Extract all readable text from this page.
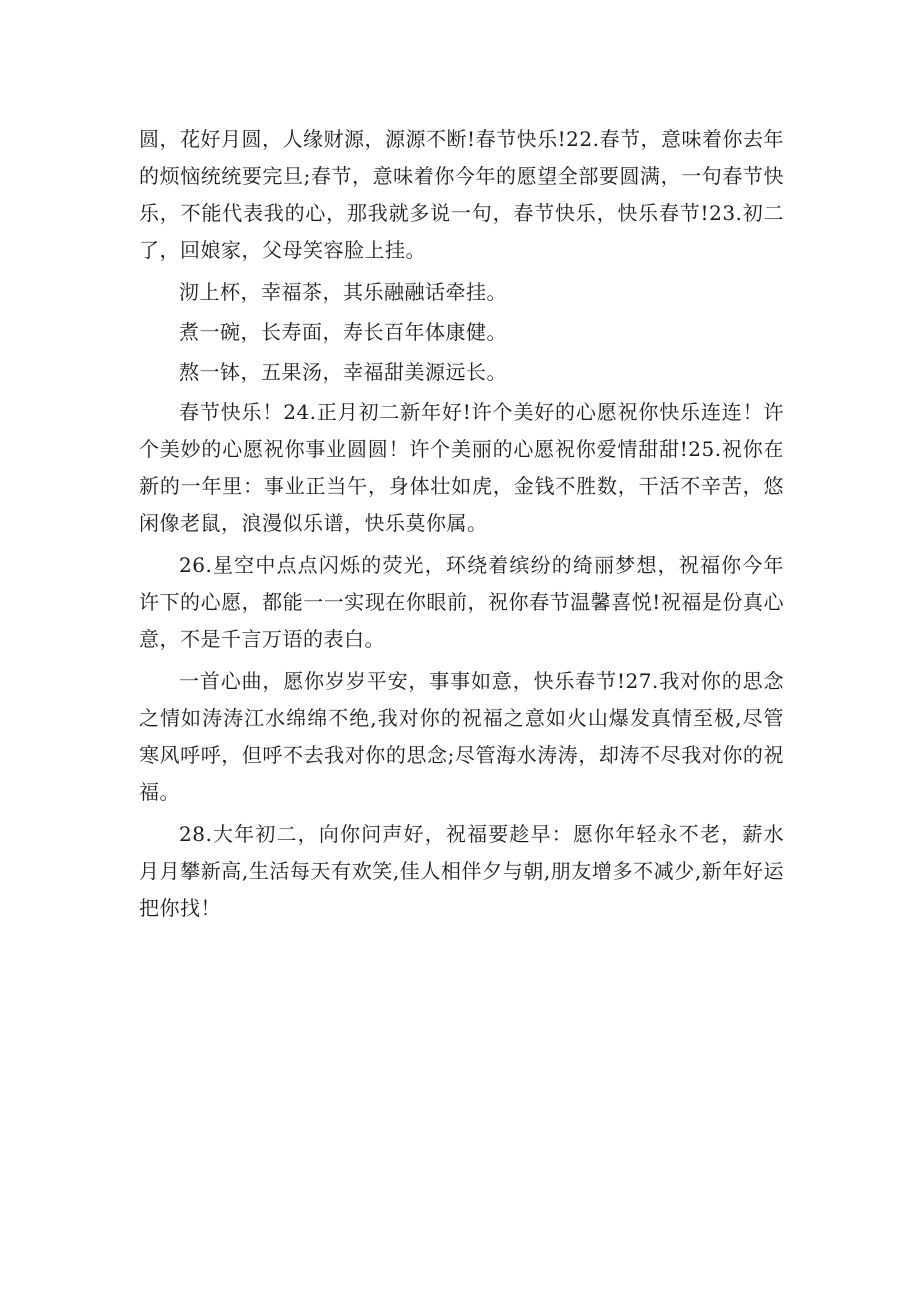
圆，花好月圆，人缘财源，源源不断!春节快乐!22.春节，意味着你去年的烦恼统统要完旦;春节，意味着你今年的愿望全部要圆满，一句春节快乐，不能代表我的心，那我就多说一句，春节快乐，快乐春节!23.初二了，回娘家，父母笑容脸上挂。

沏上杯，幸福茶，其乐融融话牵挂。

煮一碗，长寿面，寿长百年体康健。

熬一钵，五果汤，幸福甜美源远长。

春节快乐！24.正月初二新年好!许个美好的心愿祝你快乐连连！许个美妙的心愿祝你事业圆圆！许个美丽的心愿祝你爱情甜甜!25.祝你在新的一年里：事业正当午，身体壮如虎，金钱不胜数，干活不辛苦，悠闲像老鼠，浪漫似乐谱，快乐莫你属。

26.星空中点点闪烁的荧光，环绕着缤纷的绮丽梦想，祝福你今年许下的心愿，都能一一实现在你眼前，祝你春节温馨喜悦!祝福是份真心意，不是千言万语的表白。

一首心曲，愿你岁岁平安，事事如意，快乐春节!27.我对你的思念之情如涛涛江水绵绵不绝,我对你的祝福之意如火山爆发真情至极,尽管寒风呼呼，但呼不去我对你的思念;尽管海水涛涛，却涛不尽我对你的祝福。

28.大年初二，向你问声好，祝福要趁早：愿你年轻永不老，薪水月月攀新高,生活每天有欢笑,佳人相伴夕与朝,朋友增多不减少,新年好运把你找！
